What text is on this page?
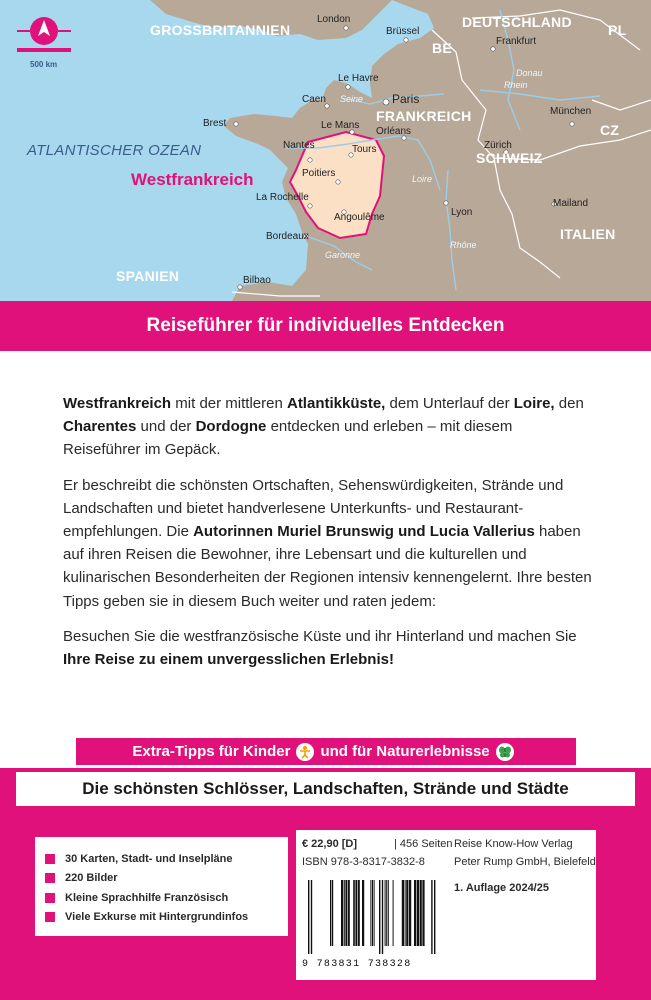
500 km
ATLANTISCHER OZEAN
Westfrankreich
GROSSBRITANNIEN	DEUTSCHLAND	PL
BE
FRANKREICH
CZ
SCHWEIZ
ITALIEN
SPANIEN
London
Brüssel
Frankfurt
Le Havre
Caen	Paris
Brest	Le Mans
Orléans
München
Nantes	Tours	Zürich
Poitiers
La Rochelle
Angoulême	Lyon
Mailand
Bordeaux
Bilbao
Seine
Rhein
Donau
Loire
Rhône
Garonne
Reiseführer für individuelles Entdecken

Westfrankreich mit der mittleren Atlantikküste, dem Unterlauf der Loire, den Charentes und der Dordogne entdecken und erleben – mit diesem Reiseführer im Gepäck.

Er beschreibt die schönsten Ortschaften, Sehenswürdigkeiten, Strände und Landschaften und bietet handverlesene Unterkunfts- und Restaurant-empfehlungen. Die Autorinnen Muriel Brunswig und Lucia Vallerius haben auf ihren Reisen die Bewohner, ihre Lebensart und die kulturellen und kulinarischen Besonderheiten der Regionen intensiv kennengelernt. Ihre besten Tipps geben sie in diesem Buch weiter und raten jedem:

Besuchen Sie die westfranzösische Küste und ihr Hinterland und machen Sie Ihre Reise zu einem unvergesslichen Erlebnis!

Extra-Tipps für Kinder und für Naturerlebnisse
Die schönsten Schlösser, Landschaften, Strände und Städte
30 Karten, Stadt- und Inselpläne
220 Bilder
Kleine Sprachhilfe Französisch
Viele Exkurse mit Hintergrundinfos
€ 22,90 [D]	| 456 Seiten
ISBN 978-3-8317-3832-8
Reise Know-How Verlag
Peter Rump GmbH, Bielefeld
1. Auflage 2024/25
9 783831 738328
